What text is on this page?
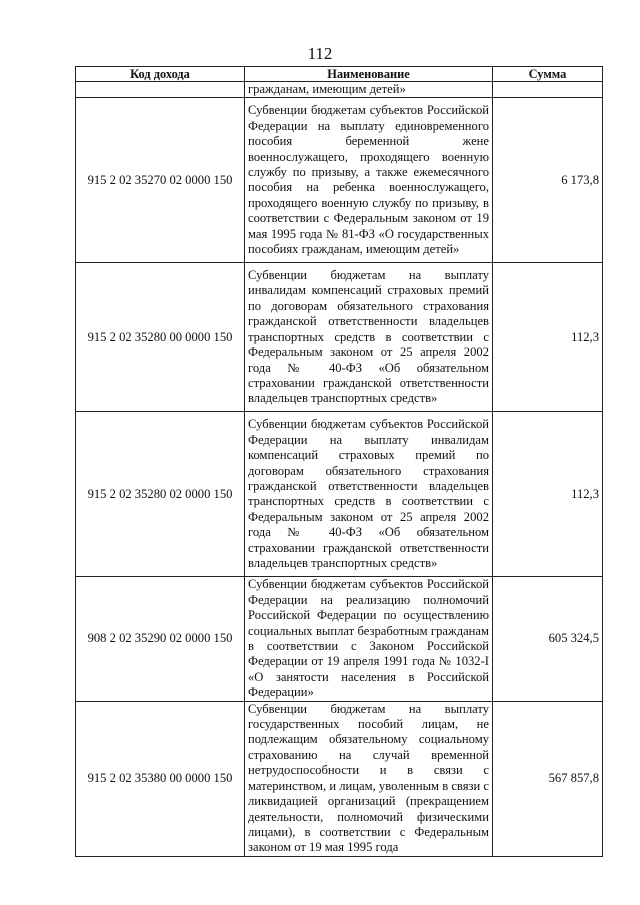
112
Код дохода	Наименование	Сумма
	гражданам, имеющим детей»	
915 2 02 35270 02 0000 150	Субвенции бюджетам субъектов Российской Федерации на выплату единовременного пособия беременной жене военнослужащего, проходящего военную службу по призыву, а также ежемесячного пособия на ребенка военнослужащего, проходящего военную службу по призыву, в соответствии с Федеральным законом от 19 мая 1995 года № 81-ФЗ «О государственных пособиях гражданам, имеющим детей»	6 173,8
915 2 02 35280 00 0000 150	Субвенции бюджетам на выплату инвалидам компенсаций страховых премий по договорам обязательного страхования гражданской ответственности владельцев транспортных средств в соответствии с Федеральным законом от 25 апреля 2002 года № 40-ФЗ «Об обязательном страховании гражданской ответственности владельцев транспортных средств»	112,3
915 2 02 35280 02 0000 150	Субвенции бюджетам субъектов Российской Федерации на выплату инвалидам компенсаций страховых премий по договорам обязательного страхования гражданской ответственности владельцев транспортных средств в соответствии с Федеральным законом от 25 апреля 2002 года № 40-ФЗ «Об обязательном страховании гражданской ответственности владельцев транспортных средств»	112,3
908 2 02 35290 02 0000 150	Субвенции бюджетам субъектов Российской Федерации на реализацию полномочий Российской Федерации по осуществлению социальных выплат безработным гражданам в соответствии с Законом Российской Федерации от 19 апреля 1991 года № 1032-I «О занятости населения в Российской Федерации»	605 324,5
915 2 02 35380 00 0000 150	Субвенции бюджетам на выплату государственных пособий лицам, не подлежащим обязательному социальному страхованию на случай временной нетрудоспособности и в связи с материнством, и лицам, уволенным в связи с ликвидацией организаций (прекращением деятельности, полномочий физическими лицами), в соответствии с Федеральным законом от 19 мая 1995 года	567 857,8
